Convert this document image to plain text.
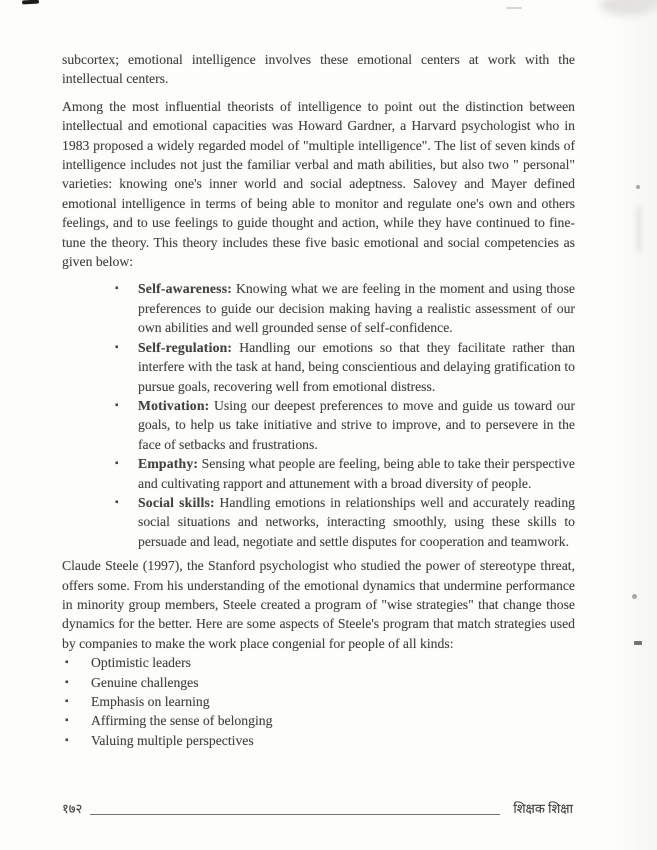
subcortex; emotional intelligence involves these emotional centers at work with the intellectual centers.

Among the most influential theorists of intelligence to point out the distinction between intellectual and emotional capacities was Howard Gardner, a Harvard psychologist who in 1983 proposed a widely regarded model of "multiple intelligence". The list of seven kinds of intelligence includes not just the familiar verbal and math abilities, but also two " personal" varieties: knowing one's inner world and social adeptness. Salovey and Mayer defined emotional intelligence in terms of being able to monitor and regulate one's own and others feelings, and to use feelings to guide thought and action, while they have continued to fine-tune the theory. This theory includes these five basic emotional and social competencies as given below:

▪ Self-awareness: Knowing what we are feeling in the moment and using those preferences to guide our decision making having a realistic assessment of our own abilities and well grounded sense of self-confidence.
▪ Self-regulation: Handling our emotions so that they facilitate rather than interfere with the task at hand, being conscientious and delaying gratification to pursue goals, recovering well from emotional distress.
▪ Motivation: Using our deepest preferences to move and guide us toward our goals, to help us take initiative and strive to improve, and to persevere in the face of setbacks and frustrations.
▪ Empathy: Sensing what people are feeling, being able to take their perspective and cultivating rapport and attunement with a broad diversity of people.
▪ Social skills: Handling emotions in relationships well and accurately reading social situations and networks, interacting smoothly, using these skills to persuade and lead, negotiate and settle disputes for cooperation and teamwork.

Claude Steele (1997), the Stanford psychologist who studied the power of stereotype threat, offers some. From his understanding of the emotional dynamics that undermine performance in minority group members, Steele created a program of "wise strategies" that change those dynamics for the better. Here are some aspects of Steele's program that match strategies used by companies to make the work place congenial for people of all kinds:

▪ Optimistic leaders
▪ Genuine challenges
▪ Emphasis on learning
▪ Affirming the sense of belonging
▪ Valuing multiple perspectives
१७२	शिक्षक शिक्षा
